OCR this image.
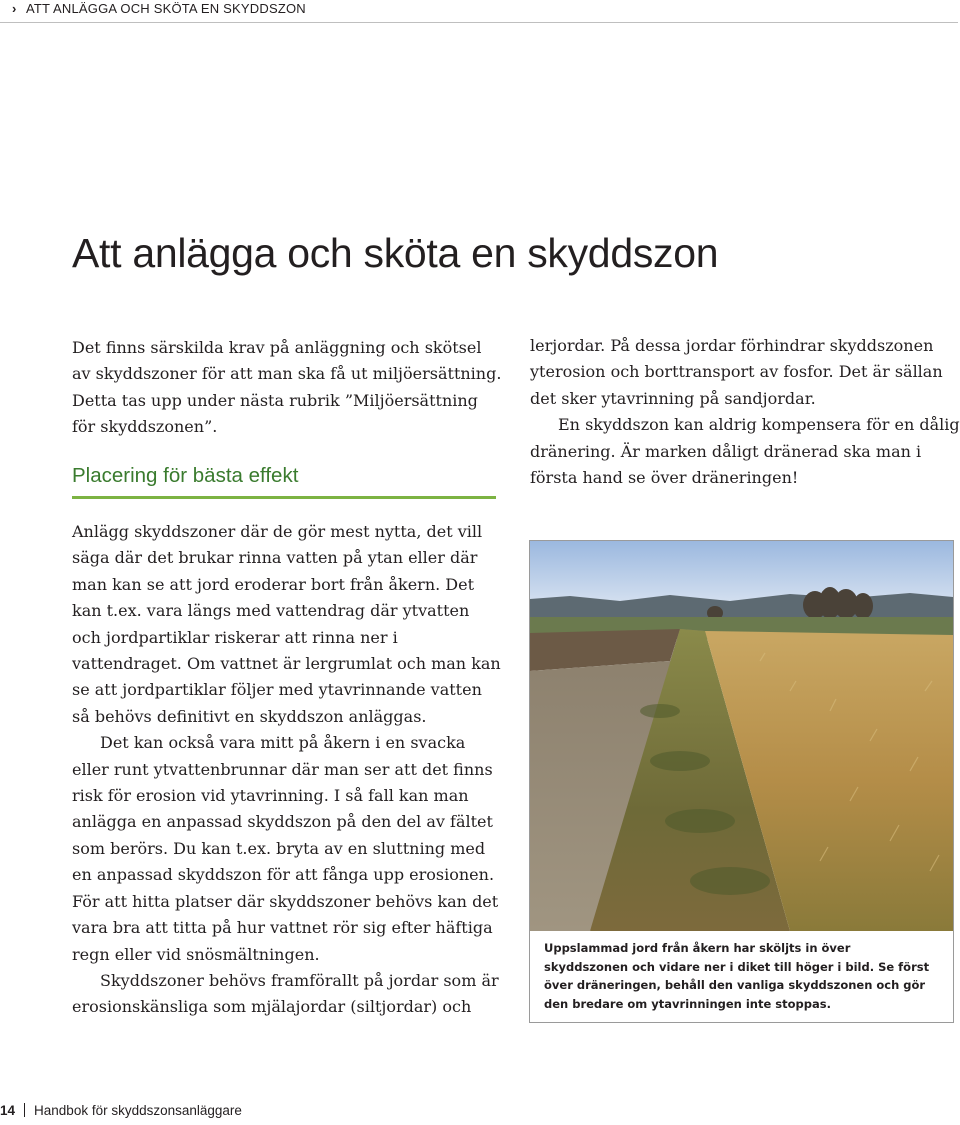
› ATT ANLÄGGA OCH SKÖTA EN SKYDDSZON
Att anlägga och sköta en skyddszon

Det finns särskilda krav på anläggning och skötsel av skyddszoner för att man ska få ut miljöersättning. Detta tas upp under nästa rubrik ”Miljöersättning för skyddszonen”.

Placering för bästa effekt

Anlägg skyddszoner där de gör mest nytta, det vill säga där det brukar rinna vatten på ytan eller där man kan se att jord eroderar bort från åkern. Det kan t.ex. vara längs med vattendrag där ytvatten och jordpartiklar riskerar att rinna ner i vattendraget. Om vattnet är lergrumlat och man kan se att jordpartiklar följer med ytavrinnande vatten så behövs definitivt en skyddszon anläggas.

Det kan också vara mitt på åkern i en svacka eller runt ytvattenbrunnar där man ser att det finns risk för erosion vid ytavrinning. I så fall kan man anlägga en anpassad skyddszon på den del av fältet som berörs. Du kan t.ex. bryta av en sluttning med en anpassad skyddszon för att fånga upp erosionen. För att hitta platser där skyddszoner behövs kan det vara bra att titta på hur vattnet rör sig efter häftiga regn eller vid snösmältningen.

Skyddszoner behövs framförallt på jordar som är erosionskänsliga som mjälajordar (siltjordar) och

lerjordar. På dessa jordar förhindrar skyddszonen yterosion och borttransport av fosfor. Det är sällan det sker ytavrinning på sandjordar.

En skyddszon kan aldrig kompensera för en dålig dränering. Är marken dåligt dränerad ska man i första hand se över dräneringen!

Uppslammad jord från åkern har sköljts in över skyddszonen och vidare ner i diket till höger i bild. Se först över dräneringen, behåll den vanliga skyddszonen och gör den bredare om ytavrinningen inte stoppas.
14 Handbok för skyddszonsanläggare
